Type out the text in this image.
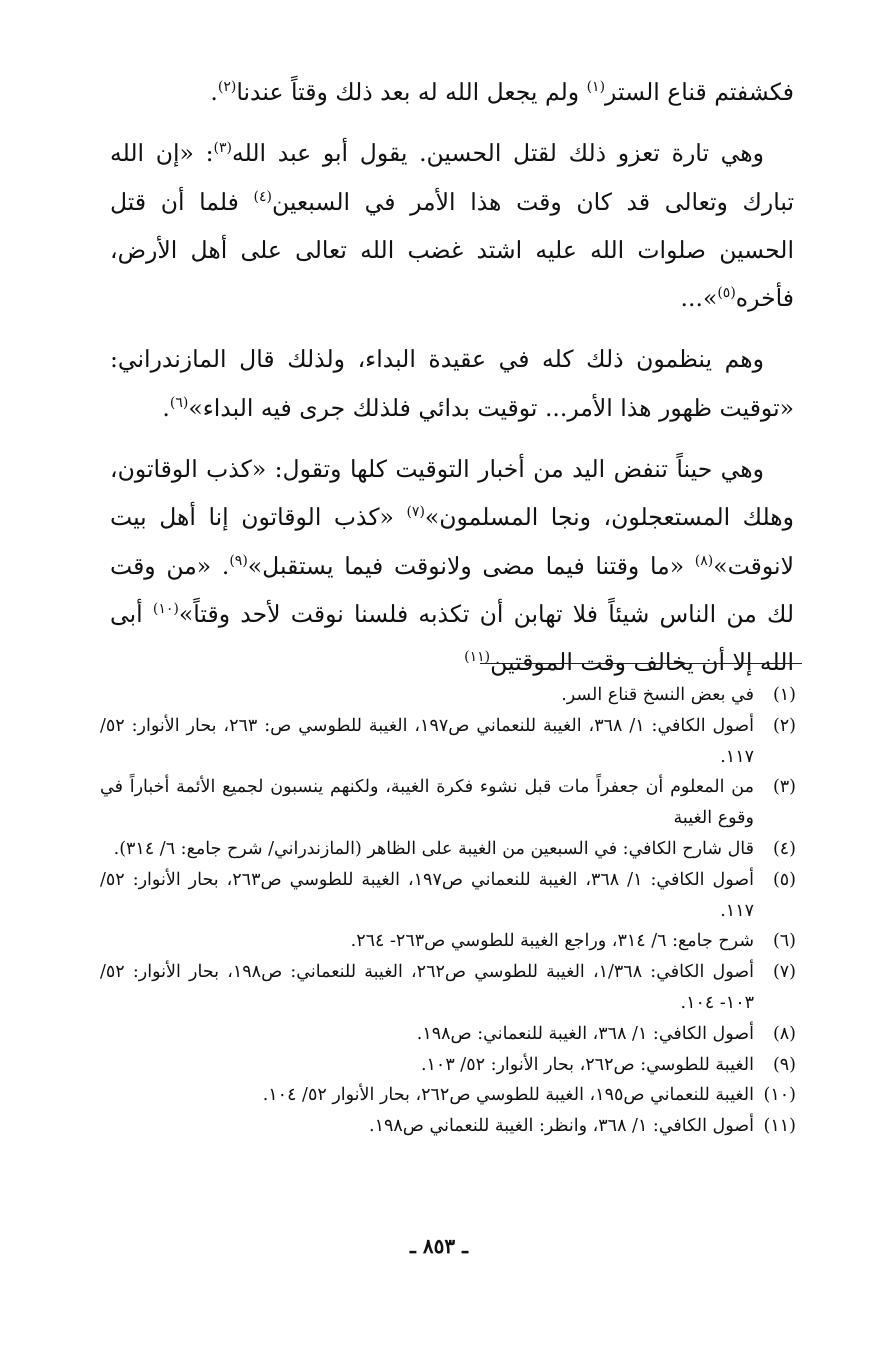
فكشفتم قناع الستر$^{(١)}$ ولم يجعل الله له بعد ذلك وقتاً عندنا$^{(٢)}$.

وهي تارة تعزو ذلك لقتل الحسين. يقول أبو عبد الله$^{(٣)}$: «إن الله تبارك وتعالى قد كان وقت هذا الأمر في السبعين$^{(٤)}$ فلما أن قتل الحسين صلوات الله عليه اشتد غضب الله تعالى على أهل الأرض، فأخره$^{(٥)}$»...

وهم ينظمون ذلك كله في عقيدة البداء، ولذلك قال المازندراني: «توقيت ظهور هذا الأمر... توقيت بدائي فلذلك جرى فيه البداء»$^{(٦)}$.

وهي حيناً تنفض اليد من أخبار التوقيت كلها وتقول: «كذب الوقاتون، وهلك المستعجلون، ونجا المسلمون»$^{(٧)}$ «كذب الوقاتون إنا أهل بيت لانوقت»$^{(٨)}$ «ما وقتنا فيما مضى ولانوقت فيما يستقبل»$^{(٩)}$. «من وقت لك من الناس شيئاً فلا تهابن أن تكذبه فلسنا نوقت لأحد وقتاً»$^{(١٠)}$ أبى الله إلا أن يخالف وقت الموقتين$^{(١١)}$

(١)
في بعض النسخ قناع السر.
(٢)
أصول الكافي: ١/ ٣٦٨، الغيبة للنعماني ص١٩٧، الغيبة للطوسي ص: ٢٦٣، بحار الأنوار: ٥٢/ ١١٧.
(٣)
من المعلوم أن جعفراً مات قبل نشوء فكرة الغيبة، ولكنهم ينسبون لجميع الأئمة أخباراً في وقوع الغيبة
(٤)
قال شارح الكافي: في السبعين من الغيبة على الظاهر (المازندراني/ شرح جامع: ٦/ ٣١٤).
(٥)
أصول الكافي: ١/ ٣٦٨، الغيبة للنعماني ص١٩٧، الغيبة للطوسي ص٢٦٣، بحار الأنوار: ٥٢/ ١١٧.
(٦)
شرح جامع: ٦/ ٣١٤، وراجع الغيبة للطوسي ص٢٦٣- ٢٦٤.
(٧)
أصول الكافي: ١/٣٦٨، الغيبة للطوسي ص٢٦٢، الغيبة للنعماني: ص١٩٨، بحار الأنوار: ٥٢/ ١٠٣- ١٠٤.
(٨)
أصول الكافي: ١/ ٣٦٨، الغيبة للنعماني: ص١٩٨.
(٩)
الغيبة للطوسي: ص٢٦٢، بحار الأنوار: ٥٢/ ١٠٣.
(١٠)
الغيبة للنعماني ص١٩٥، الغيبة للطوسي ص٢٦٢، بحار الأنوار ٥٢/ ١٠٤.
(١١)
أصول الكافي: ١/ ٣٦٨، وانظر: الغيبة للنعماني ص١٩٨.
ـ ٨٥٣ ـ
